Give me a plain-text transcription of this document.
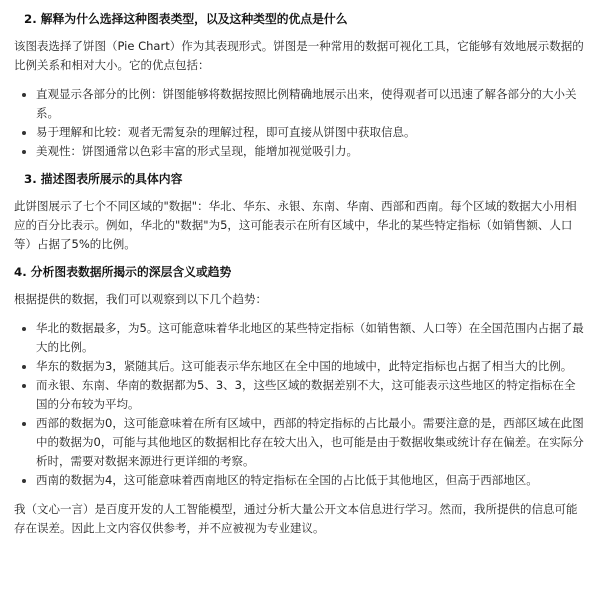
2. 解释为什么选择这种图表类型，以及这种类型的优点是什么

该图表选择了饼图（Pie Chart）作为其表现形式。饼图是一种常用的数据可视化工具，它能够有效地展示数据的比例关系和相对大小。它的优点包括：

直观显示各部分的比例：饼图能够将数据按照比例精确地展示出来，使得观者可以迅速了解各部分的大小关系。
易于理解和比较：观者无需复杂的理解过程，即可直接从饼图中获取信息。
美观性：饼图通常以色彩丰富的形式呈现，能增加视觉吸引力。

3. 描述图表所展示的具体内容

此饼图展示了七个不同区域的"数据"：华北、华东、永银、东南、华南、西部和西南。每个区域的数据大小用相应的百分比表示。例如，华北的"数据"为5，这可能表示在所有区域中，华北的某些特定指标（如销售额、人口等）占据了5%的比例。

4. 分析图表数据所揭示的深层含义或趋势

根据提供的数据，我们可以观察到以下几个趋势：

华北的数据最多，为5。这可能意味着华北地区的某些特定指标（如销售额、人口等）在全国范围内占据了最大的比例。
华东的数据为3，紧随其后。这可能表示华东地区在全中国的地域中，此特定指标也占据了相当大的比例。
而永银、东南、华南的数据都为5、3、3，这些区域的数据差别不大，这可能表示这些地区的特定指标在全国的分布较为平均。
西部的数据为0，这可能意味着在所有区域中，西部的特定指标的占比最小。需要注意的是，西部区域在此图中的数据为0，可能与其他地区的数据相比存在较大出入，也可能是由于数据收集或统计存在偏差。在实际分析时，需要对数据来源进行更详细的考察。
西南的数据为4，这可能意味着西南地区的特定指标在全国的占比低于其他地区，但高于西部地区。

我（文心一言）是百度开发的人工智能模型，通过分析大量公开文本信息进行学习。然而，我所提供的信息可能存在误差。因此上文内容仅供参考，并不应被视为专业建议。
